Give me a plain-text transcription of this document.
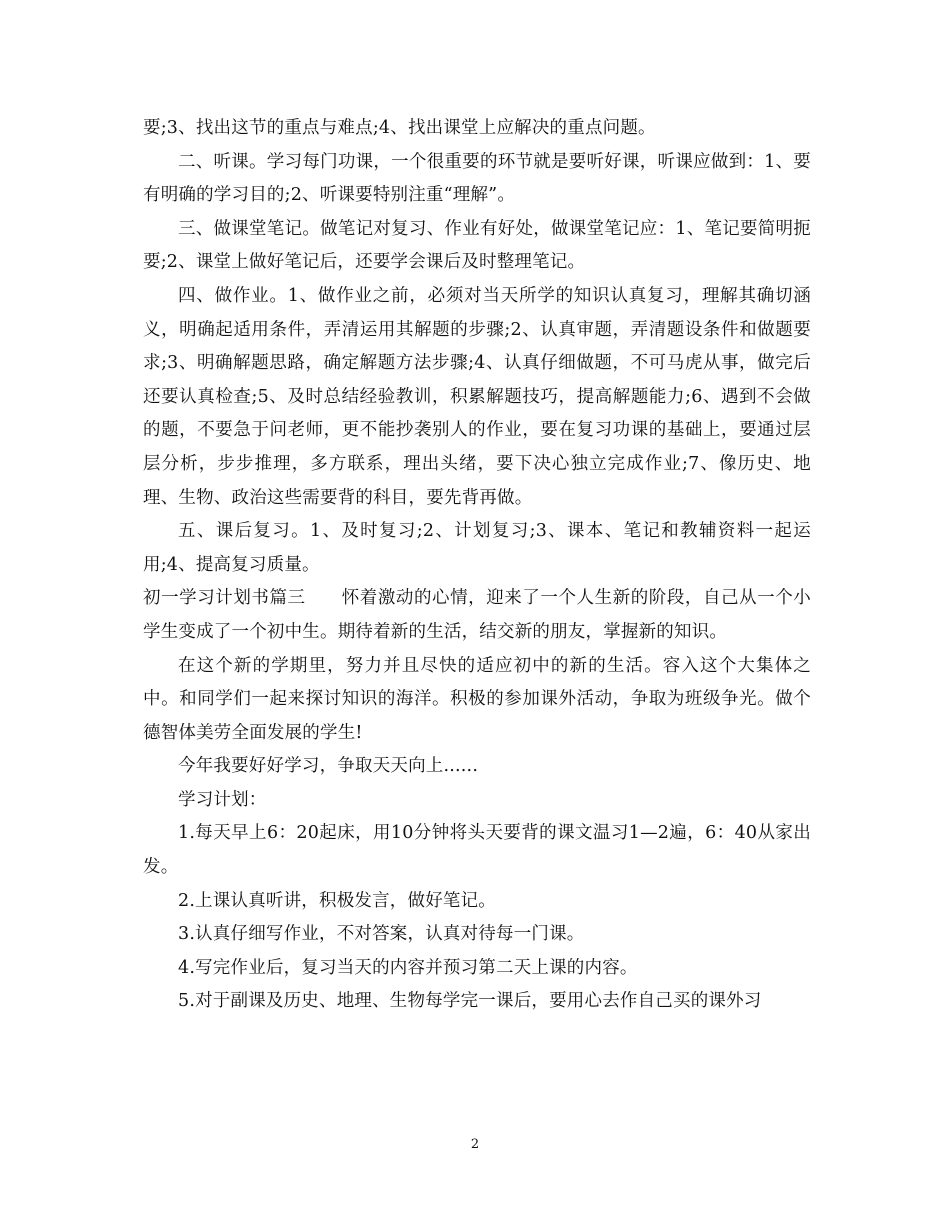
要;3、找出这节的重点与难点;4、找出课堂上应解决的重点问题。

二、听课。学习每门功课，一个很重要的环节就是要听好课，听课应做到：1、要有明确的学习目的;2、听课要特别注重“理解”。

三、做课堂笔记。做笔记对复习、作业有好处，做课堂笔记应：1、笔记要简明扼要;2、课堂上做好笔记后，还要学会课后及时整理笔记。

四、做作业。1、做作业之前，必须对当天所学的知识认真复习，理解其确切涵义，明确起适用条件，弄清运用其解题的步骤;2、认真审题，弄清题设条件和做题要求;3、明确解题思路，确定解题方法步骤;4、认真仔细做题，不可马虎从事，做完后还要认真检查;5、及时总结经验教训，积累解题技巧，提高解题能力;6、遇到不会做的题，不要急于问老师，更不能抄袭别人的作业，要在复习功课的基础上，要通过层层分析，步步推理，多方联系，理出头绪，要下决心独立完成作业;7、像历史、地理、生物、政治这些需要背的科目，要先背再做。

五、课后复习。1、及时复习;2、计划复习;3、课本、笔记和教辅资料一起运用;4、提高复习质量。

初一学习计划书篇三　　怀着激动的心情，迎来了一个人生新的阶段，自己从一个小学生变成了一个初中生。期待着新的生活，结交新的朋友，掌握新的知识。

在这个新的学期里，努力并且尽快的适应初中的新的生活。容入这个大集体之中。和同学们一起来探讨知识的海洋。积极的参加课外活动，争取为班级争光。做个德智体美劳全面发展的学生!

今年我要好好学习，争取天天向上......

学习计划：

1.每天早上6：20起床，用10分钟将头天要背的课文温习1—2遍，6：40从家出发。

2.上课认真听讲，积极发言，做好笔记。

3.认真仔细写作业，不对答案，认真对待每一门课。

4.写完作业后，复习当天的内容并预习第二天上课的内容。

5.对于副课及历史、地理、生物每学完一课后，要用心去作自己买的课外习

2
